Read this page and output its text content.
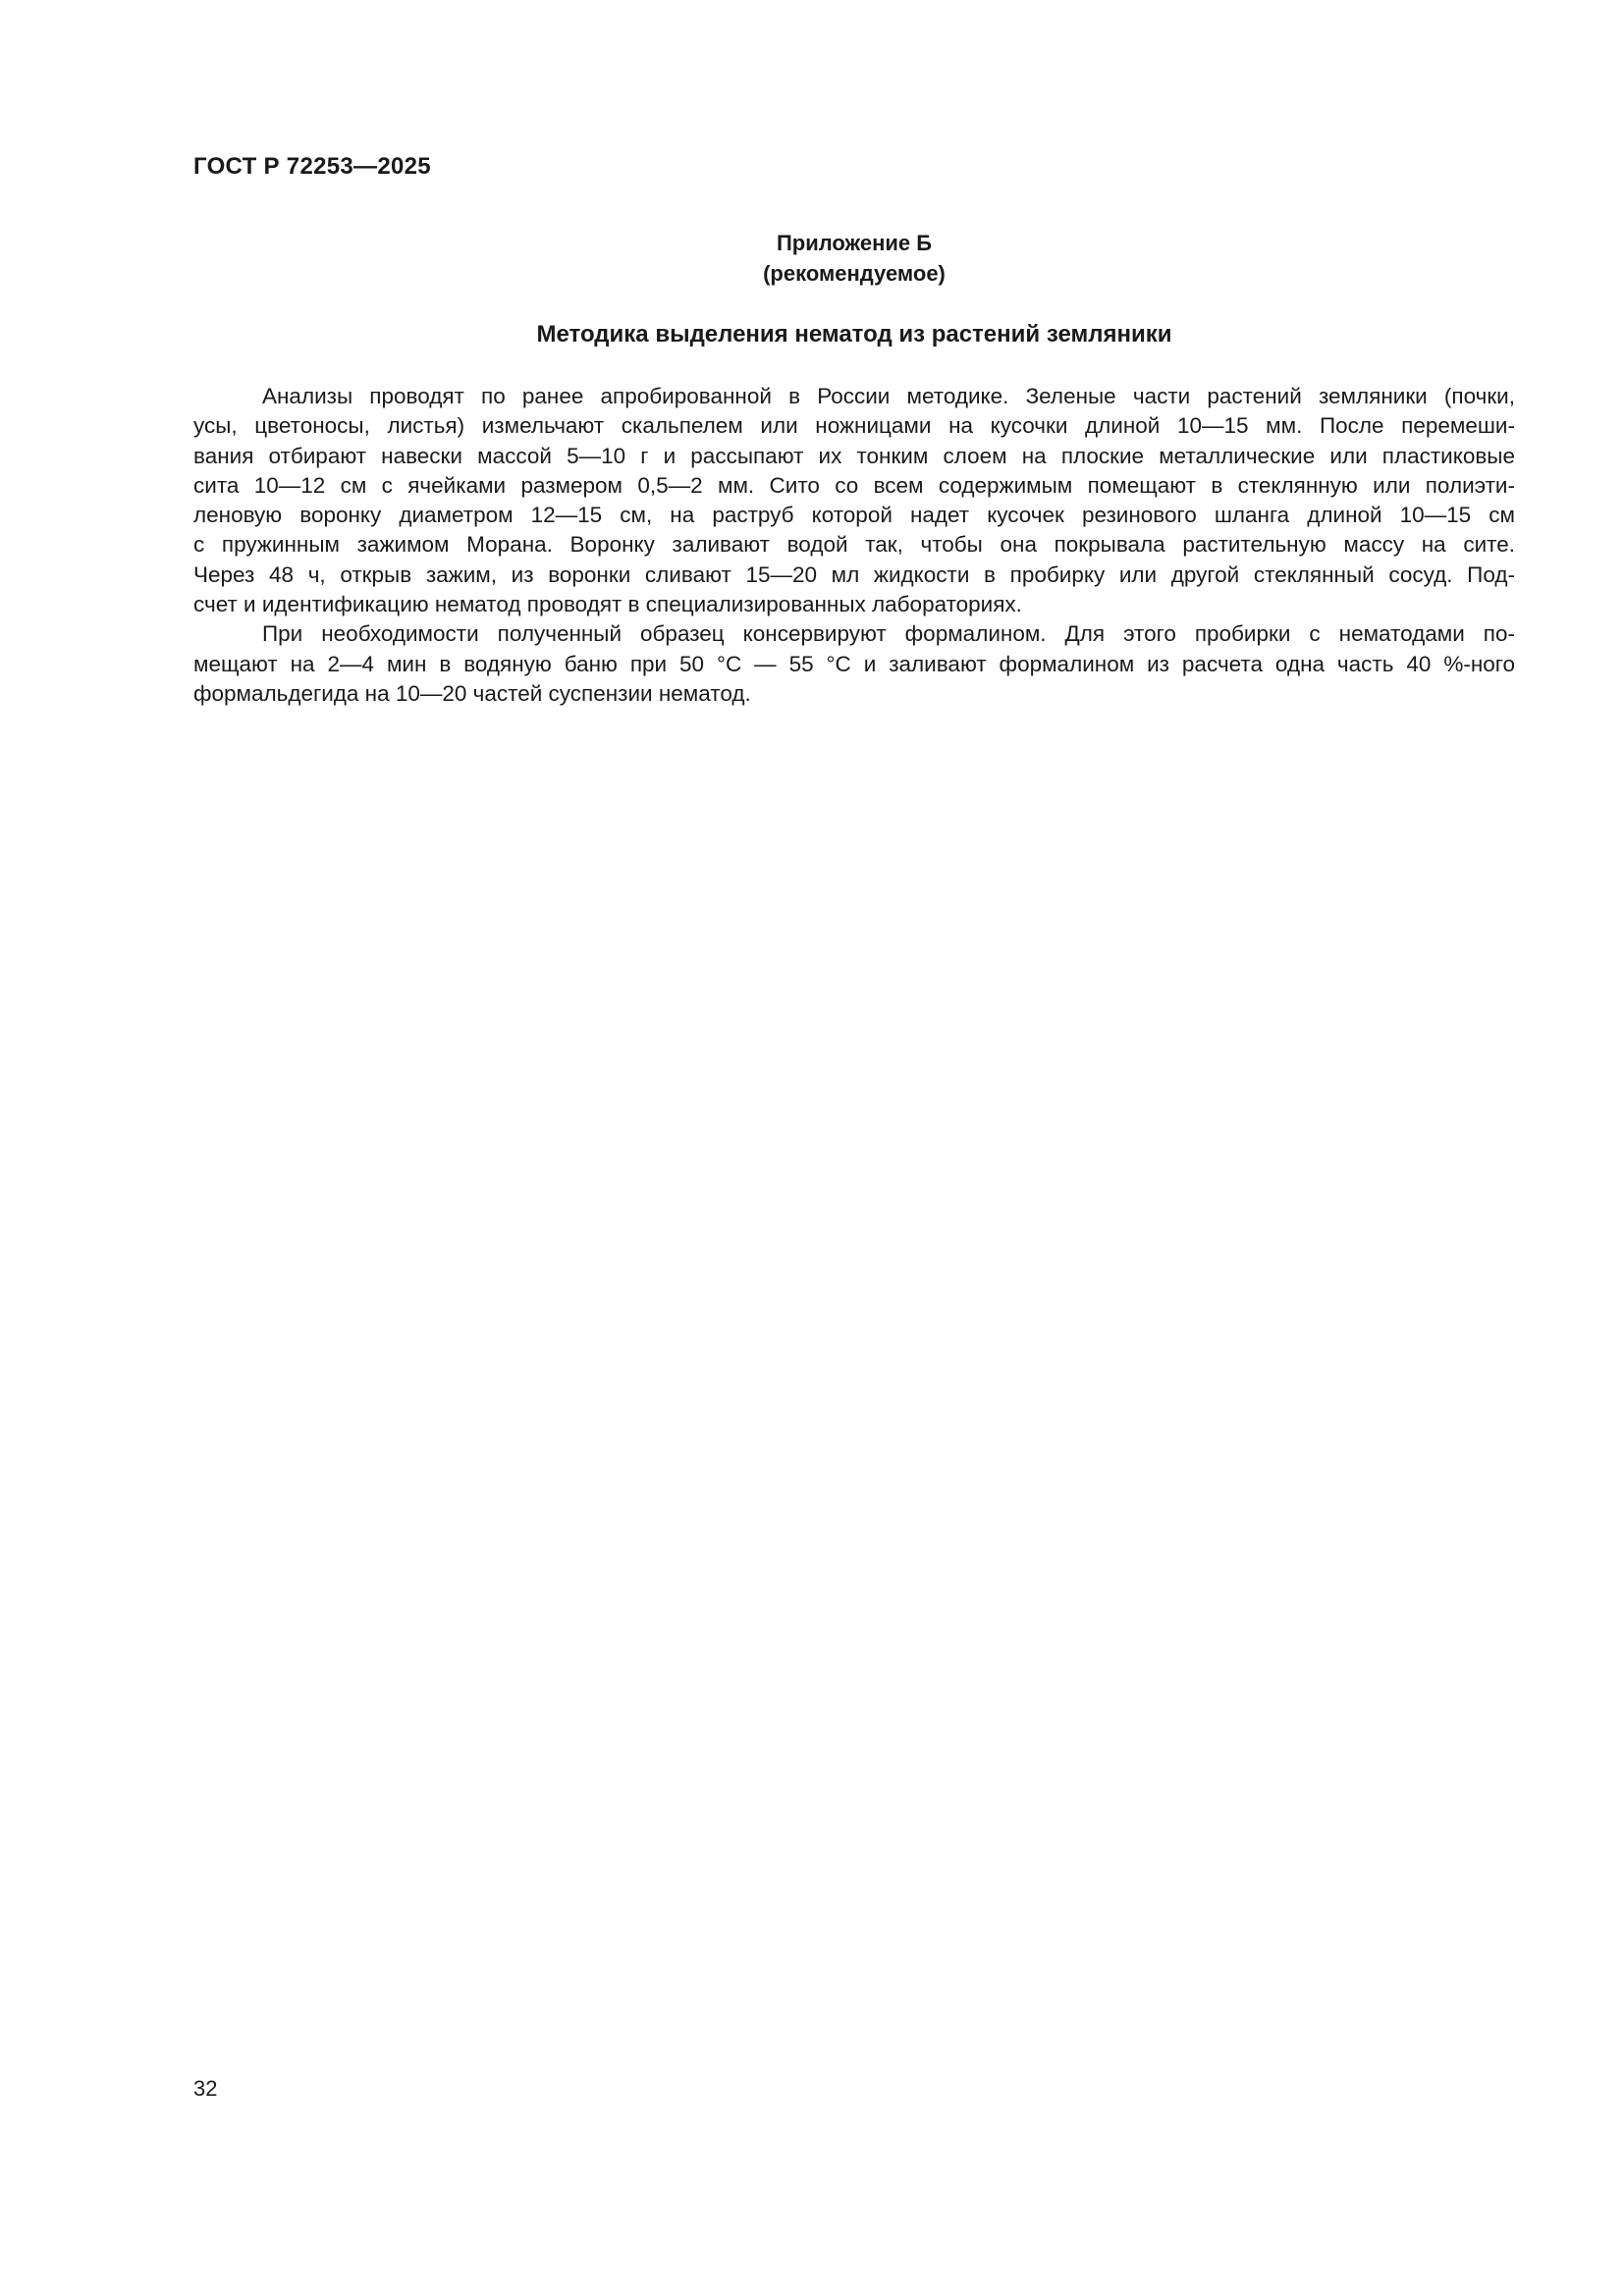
ГОСТ Р 72253—2025
Приложение Б
(рекомендуемое)
Методика выделения нематод из растений земляники
Анализы проводят по ранее апробированной в России методике. Зеленые части растений земляники (почки,
усы, цветоносы, листья) измельчают скальпелем или ножницами на кусочки длиной 10—15 мм. После перемеши-
вания отбирают навески массой 5—10 г и рассыпают их тонким слоем на плоские металлические или пластиковые
сита 10—12 см с ячейками размером 0,5—2 мм. Сито со всем содержимым помещают в стеклянную или полиэти-
леновую воронку диаметром 12—15 см, на раструб которой надет кусочек резинового шланга длиной 10—15 см
с пружинным зажимом Морана. Воронку заливают водой так, чтобы она покрывала растительную массу на сите.
Через 48 ч, открыв зажим, из воронки сливают 15—20 мл жидкости в пробирку или другой стеклянный сосуд. Под-
счет и идентификацию нематод проводят в специализированных лабораториях.
При необходимости полученный образец консервируют формалином. Для этого пробирки с нематодами по-
мещают на 2—4 мин в водяную баню при 50 °С — 55 °С и заливают формалином из расчета одна часть 40 %-ного
формальдегида на 10—20 частей суспензии нематод.
32
